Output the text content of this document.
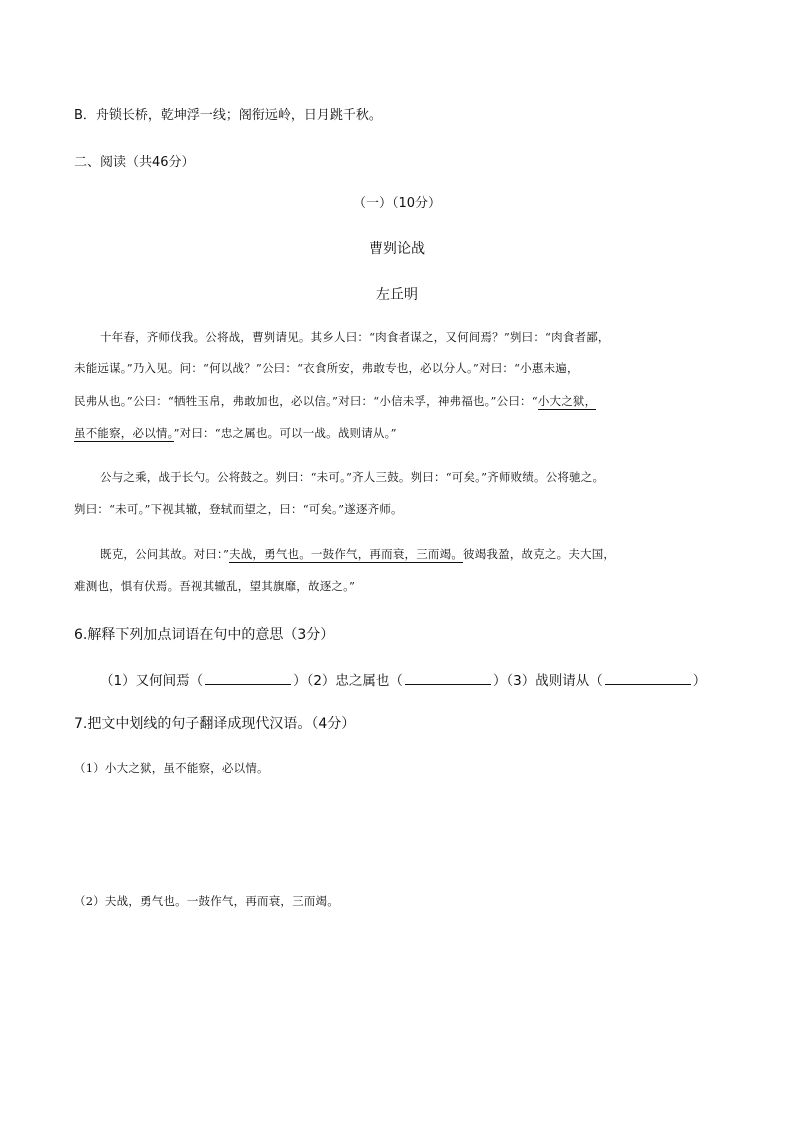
B．舟锁长桥，乾坤浮一线；阁衔远岭，日月跳千秋。
二、阅读（共46分）
（一）（10分）
曹刿论战
左丘明
十年春，齐师伐我。公将战，曹刿请见。其乡人曰：“肉食者谋之，又何间焉？”刿曰：“肉食者鄙，
未能远谋。”乃入见。问：“何以战？”公曰：“衣食所安，弗敢专也，必以分人。”对曰：“小惠未遍，
民弗从也。”公曰：“牺牲玉帛，弗敢加也，必以信。”对曰：“小信未孚，神弗福也。”公曰：“小大之狱，
虽不能察，必以情。”对曰：“忠之属也。可以一战。战则请从。”
公与之乘，战于长勺。公将鼓之。刿曰：“未可。”齐人三鼓。刿曰：“可矣。”齐师败绩。公将驰之。
刿曰：“未可。”下视其辙，登轼而望之，曰：“可矣。”遂逐齐师。
既克，公问其故。对曰：”夫战，勇气也。一鼓作气，再而衰，三而竭。彼竭我盈，故克之。夫大国，
难测也，惧有伏焉。吾视其辙乱，望其旗靡，故逐之。”
6.解释下列加点词语在句中的意思（3分）
（1）又何间焉（	）（2）忠之属也（	）（3）战则请从（	）
7.把文中划线的句子翻译成现代汉语。（4分）
（1）小大之狱，虽不能察，必以情。
（2）夫战，勇气也。一鼓作气，再而衰，三而竭。
